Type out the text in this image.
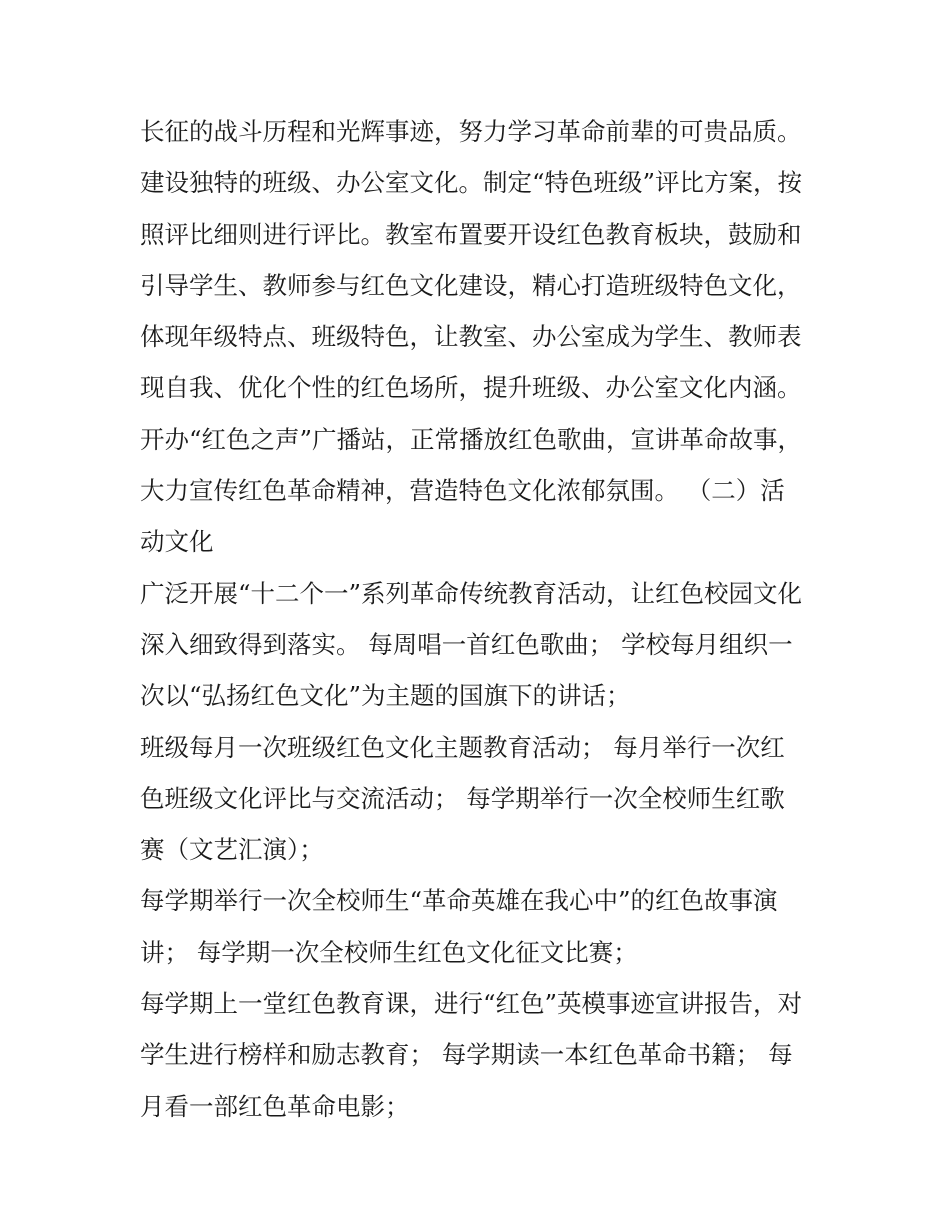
长征的战斗历程和光辉事迹，努力学习革命前辈的可贵品质。
建设独特的班级、办公室文化。制定“特色班级”评比方案，按
照评比细则进行评比。教室布置要开设红色教育板块，鼓励和
引导学生、教师参与红色文化建设，精心打造班级特色文化，
体现年级特点、班级特色，让教室、办公室成为学生、教师表
现自我、优化个性的红色场所，提升班级、办公室文化内涵。
开办“红色之声”广播站，正常播放红色歌曲，宣讲革命故事，
大力宣传红色革命精神，营造特色文化浓郁氛围。 （二）活
动文化
广泛开展“十二个一”系列革命传统教育活动，让红色校园文化
深入细致得到落实。 每周唱一首红色歌曲； 学校每月组织一
次以“弘扬红色文化”为主题的国旗下的讲话；
班级每月一次班级红色文化主题教育活动； 每月举行一次红
色班级文化评比与交流活动； 每学期举行一次全校师生红歌
赛（文艺汇演）；
每学期举行一次全校师生“革命英雄在我心中”的红色故事演
讲； 每学期一次全校师生红色文化征文比赛；
每学期上一堂红色教育课，进行“红色”英模事迹宣讲报告，对
学生进行榜样和励志教育； 每学期读一本红色革命书籍； 每
月看一部红色革命电影；
